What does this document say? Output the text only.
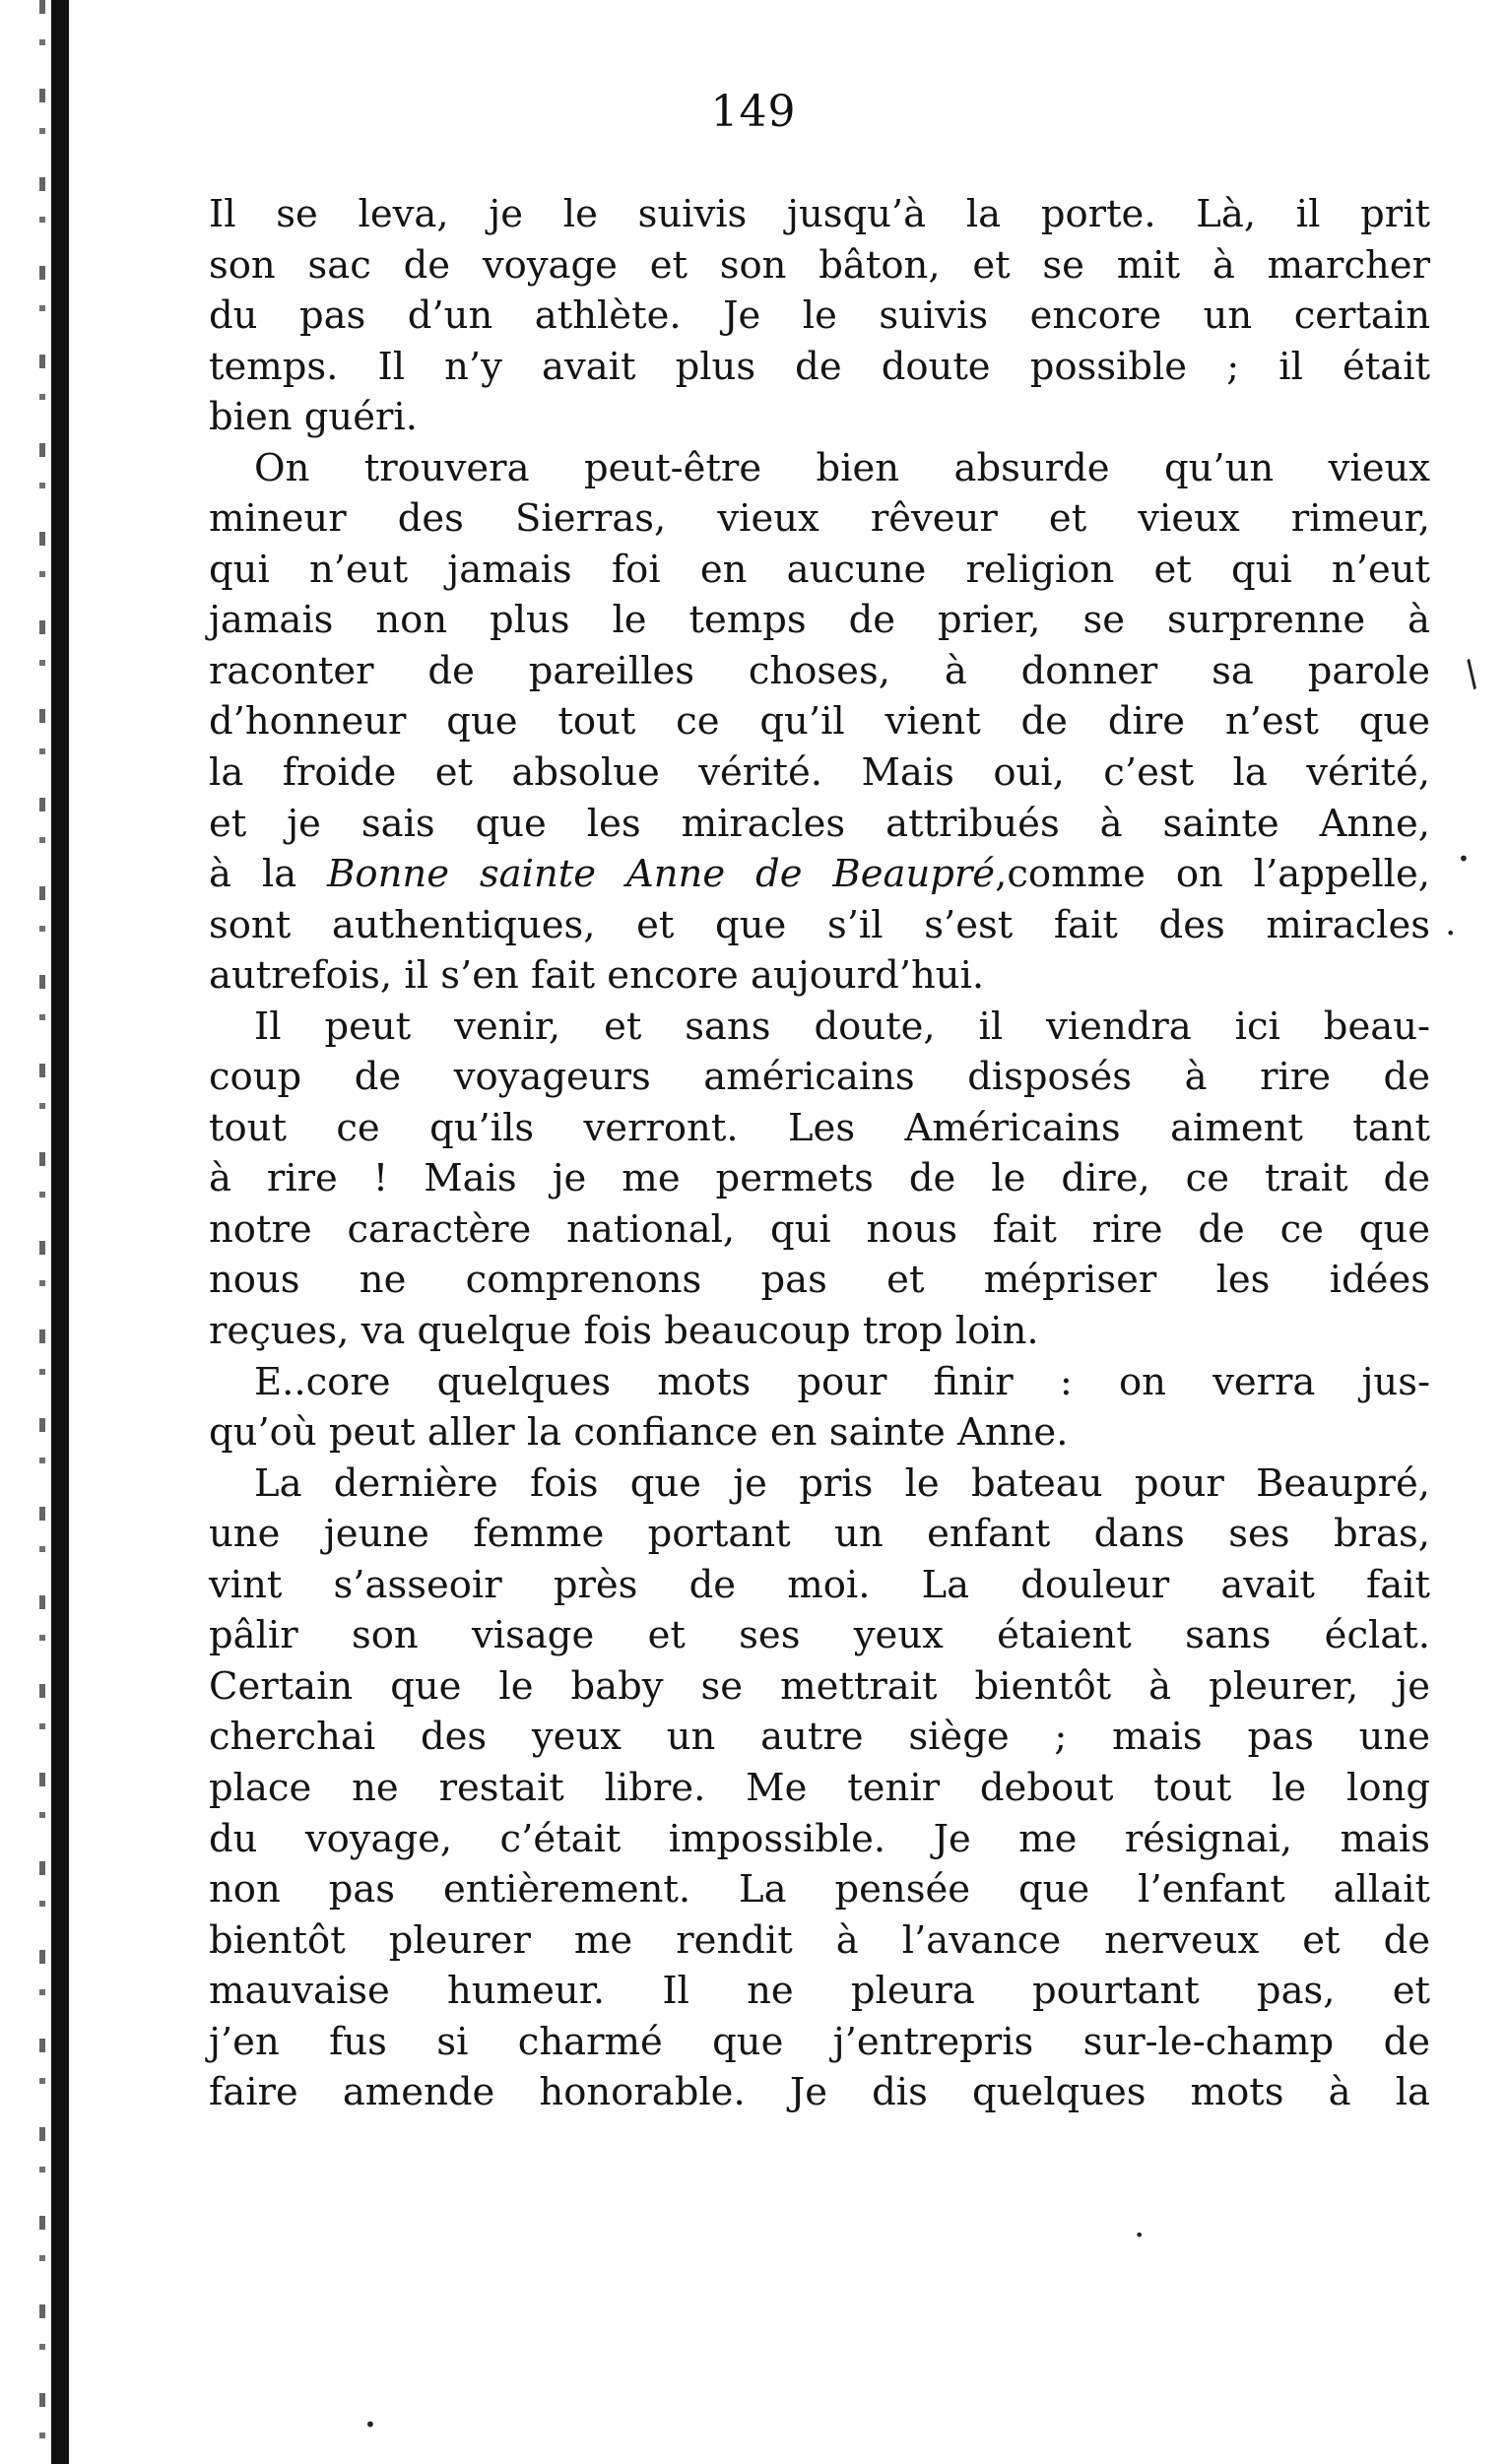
149
Il se leva, je le suivis jusqu’à la porte. Là, il prit
son sac de voyage et son bâton, et se mit à marcher
du pas d’un athlète. Je le suivis encore un certain
temps. Il n’y avait plus de doute possible ; il était
bien guéri.
On trouvera peut-être bien absurde qu’un vieux
mineur des Sierras, vieux rêveur et vieux rimeur,
qui n’eut jamais foi en aucune religion et qui n’eut
jamais non plus le temps de prier, se surprenne à
raconter de pareilles choses, à donner sa parole
d’honneur que tout ce qu’il vient de dire n’est que
la froide et absolue vérité. Mais oui, c’est la vérité,
et je sais que les miracles attribués à sainte Anne,
à la Bonne sainte Anne de Beaupré,comme on l’appelle,
sont authentiques, et que s’il s’est fait des miracles
autrefois, il s’en fait encore aujourd’hui.
Il peut venir, et sans doute, il viendra ici beau-
coup de voyageurs américains disposés à rire de
tout ce qu’ils verront. Les Américains aiment tant
à rire ! Mais je me permets de le dire, ce trait de
notre caractère national, qui nous fait rire de ce que
nous ne comprenons pas et mépriser les idées
reçues, va quelque fois beaucoup trop loin.
E..core quelques mots pour finir : on verra jus-
qu’où peut aller la confiance en sainte Anne.
La dernière fois que je pris le bateau pour Beaupré,
une jeune femme portant un enfant dans ses bras,
vint s’asseoir près de moi. La douleur avait fait
pâlir son visage et ses yeux étaient sans éclat.
Certain que le baby se mettrait bientôt à pleurer, je
cherchai des yeux un autre siège ; mais pas une
place ne restait libre. Me tenir debout tout le long
du voyage, c’était impossible. Je me résignai, mais
non pas entièrement. La pensée que l’enfant allait
bientôt pleurer me rendit à l’avance nerveux et de
mauvaise humeur. Il ne pleura pourtant pas, et
j’en fus si charmé que j’entrepris sur-le-champ de
faire amende honorable. Je dis quelques mots à la
/
•
•
•
•
